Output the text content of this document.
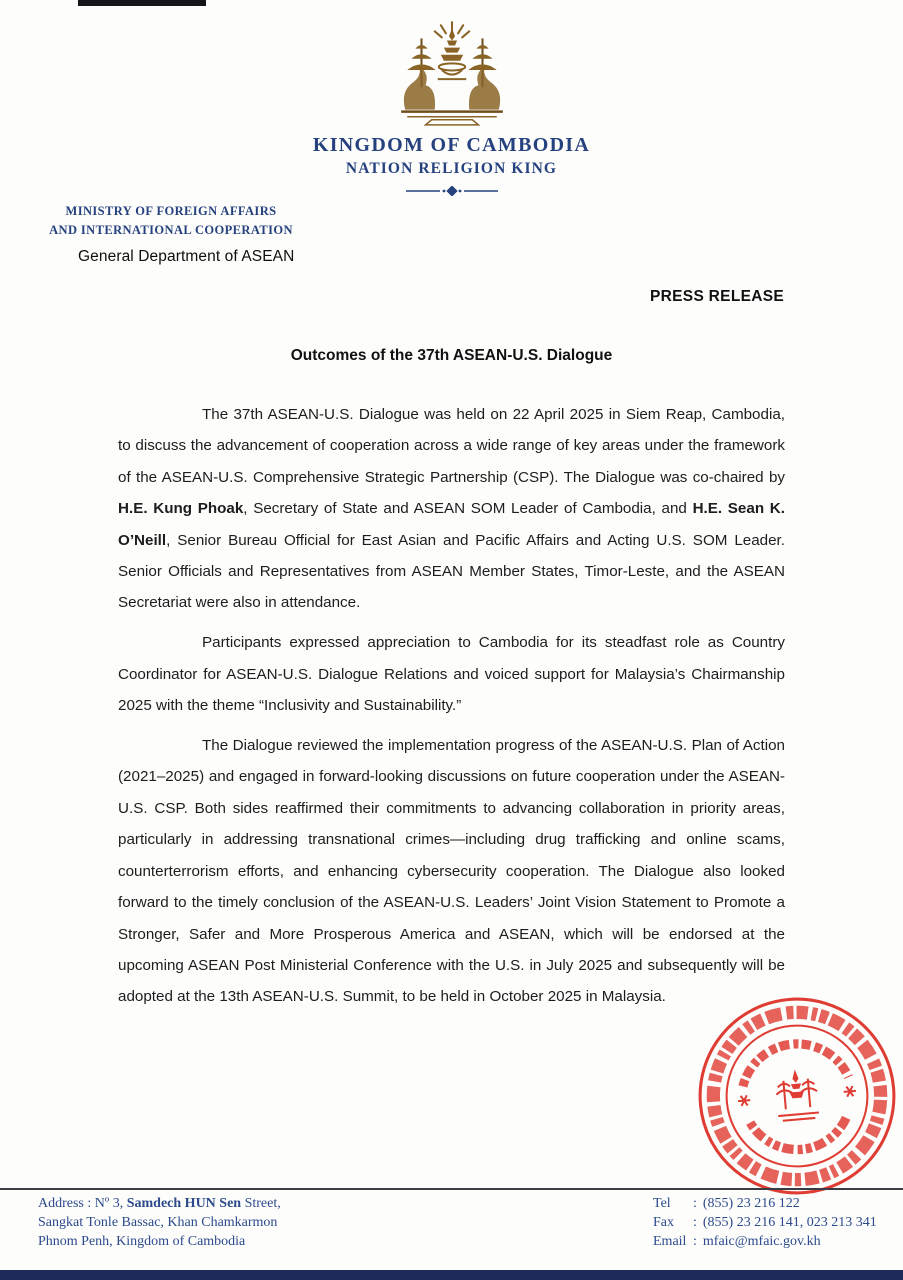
KINGDOM OF CAMBODIA
NATION RELIGION KING
MINISTRY OF FOREIGN AFFAIRS
AND INTERNATIONAL COOPERATION
General Department of ASEAN
PRESS RELEASE
Outcomes of the 37th ASEAN-U.S. Dialogue

The 37th ASEAN-U.S. Dialogue was held on 22 April 2025 in Siem Reap, Cambodia, to discuss the advancement of cooperation across a wide range of key areas under the framework of the ASEAN-U.S. Comprehensive Strategic Partnership (CSP). The Dialogue was co-chaired by H.E. Kung Phoak, Secretary of State and ASEAN SOM Leader of Cambodia, and H.E. Sean K. O’Neill, Senior Bureau Official for East Asian and Pacific Affairs and Acting U.S. SOM Leader. Senior Officials and Representatives from ASEAN Member States, Timor-Leste, and the ASEAN Secretariat were also in attendance.

Participants expressed appreciation to Cambodia for its steadfast role as Country Coordinator for ASEAN-U.S. Dialogue Relations and voiced support for Malaysia’s Chairmanship 2025 with the theme “Inclusivity and Sustainability.”

The Dialogue reviewed the implementation progress of the ASEAN-U.S. Plan of Action (2021–2025) and engaged in forward-looking discussions on future cooperation under the ASEAN-U.S. CSP. Both sides reaffirmed their commitments to advancing collaboration in priority areas, particularly in addressing transnational crimes—including drug trafficking and online scams, counterterrorism efforts, and enhancing cybersecurity cooperation. The Dialogue also looked forward to the timely conclusion of the ASEAN-U.S. Leaders’ Joint Vision Statement to Promote a Stronger, Safer and More Prosperous America and ASEAN, which will be endorsed at the upcoming ASEAN Post Ministerial Conference with the U.S. in July 2025 and subsequently will be adopted at the 13th ASEAN-U.S. Summit, to be held in October 2025 in Malaysia.

Address : Nº 3, Samdech HUN Sen Street,
Sangkat Tonle Bassac, Khan Chamkarmon
Phnom Penh, Kingdom of Cambodia
Tel : (855) 23 216 122
Fax : (855) 23 216 141, 023 213 341
Email : mfaic@mfaic.gov.kh
